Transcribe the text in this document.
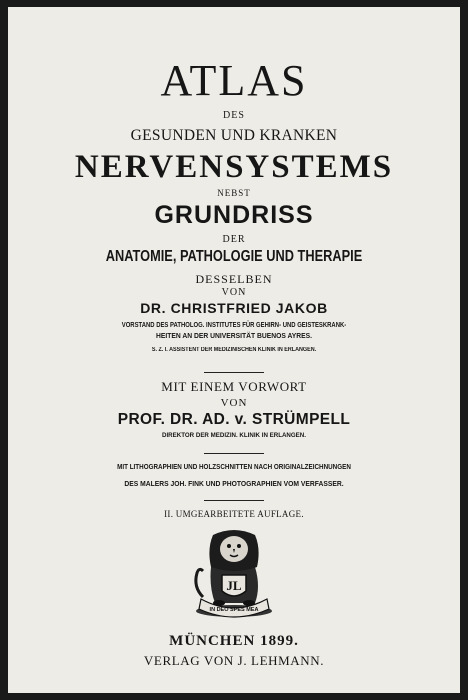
ATLAS
DES
GESUNDEN UND KRANKEN
NERVENSYSTEMS
NEBST
GRUNDRISS
DER
ANATOMIE, PATHOLOGIE UND THERAPIE
DESSELBEN
VON
DR. CHRISTFRIED JAKOB
VORSTAND DES PATHOLOG. INSTITUTES FÜR GEHIRN- UND GEISTESKRANK-
HEITEN AN DER UNIVERSITÄT BUENOS AYRES.
S. Z. I. ASSISTENT DER MEDIZINISCHEN KLINIK IN ERLANGEN.
MIT EINEM VORWORT
VON
PROF. DR. AD. v. STRÜMPELL
DIREKTOR DER MEDIZIN. KLINIK IN ERLANGEN.
MIT LITHOGRAPHIEN UND HOLZSCHNITTEN NACH ORIGINALZEICHNUNGEN
DES MALERS JOH. FINK UND PHOTOGRAPHIEN VOM VERFASSER.
II. UMGEARBEITETE AUFLAGE.
JL
IN DEO SPES MEA
MÜNCHEN 1899.
VERLAG VON J. LEHMANN.
